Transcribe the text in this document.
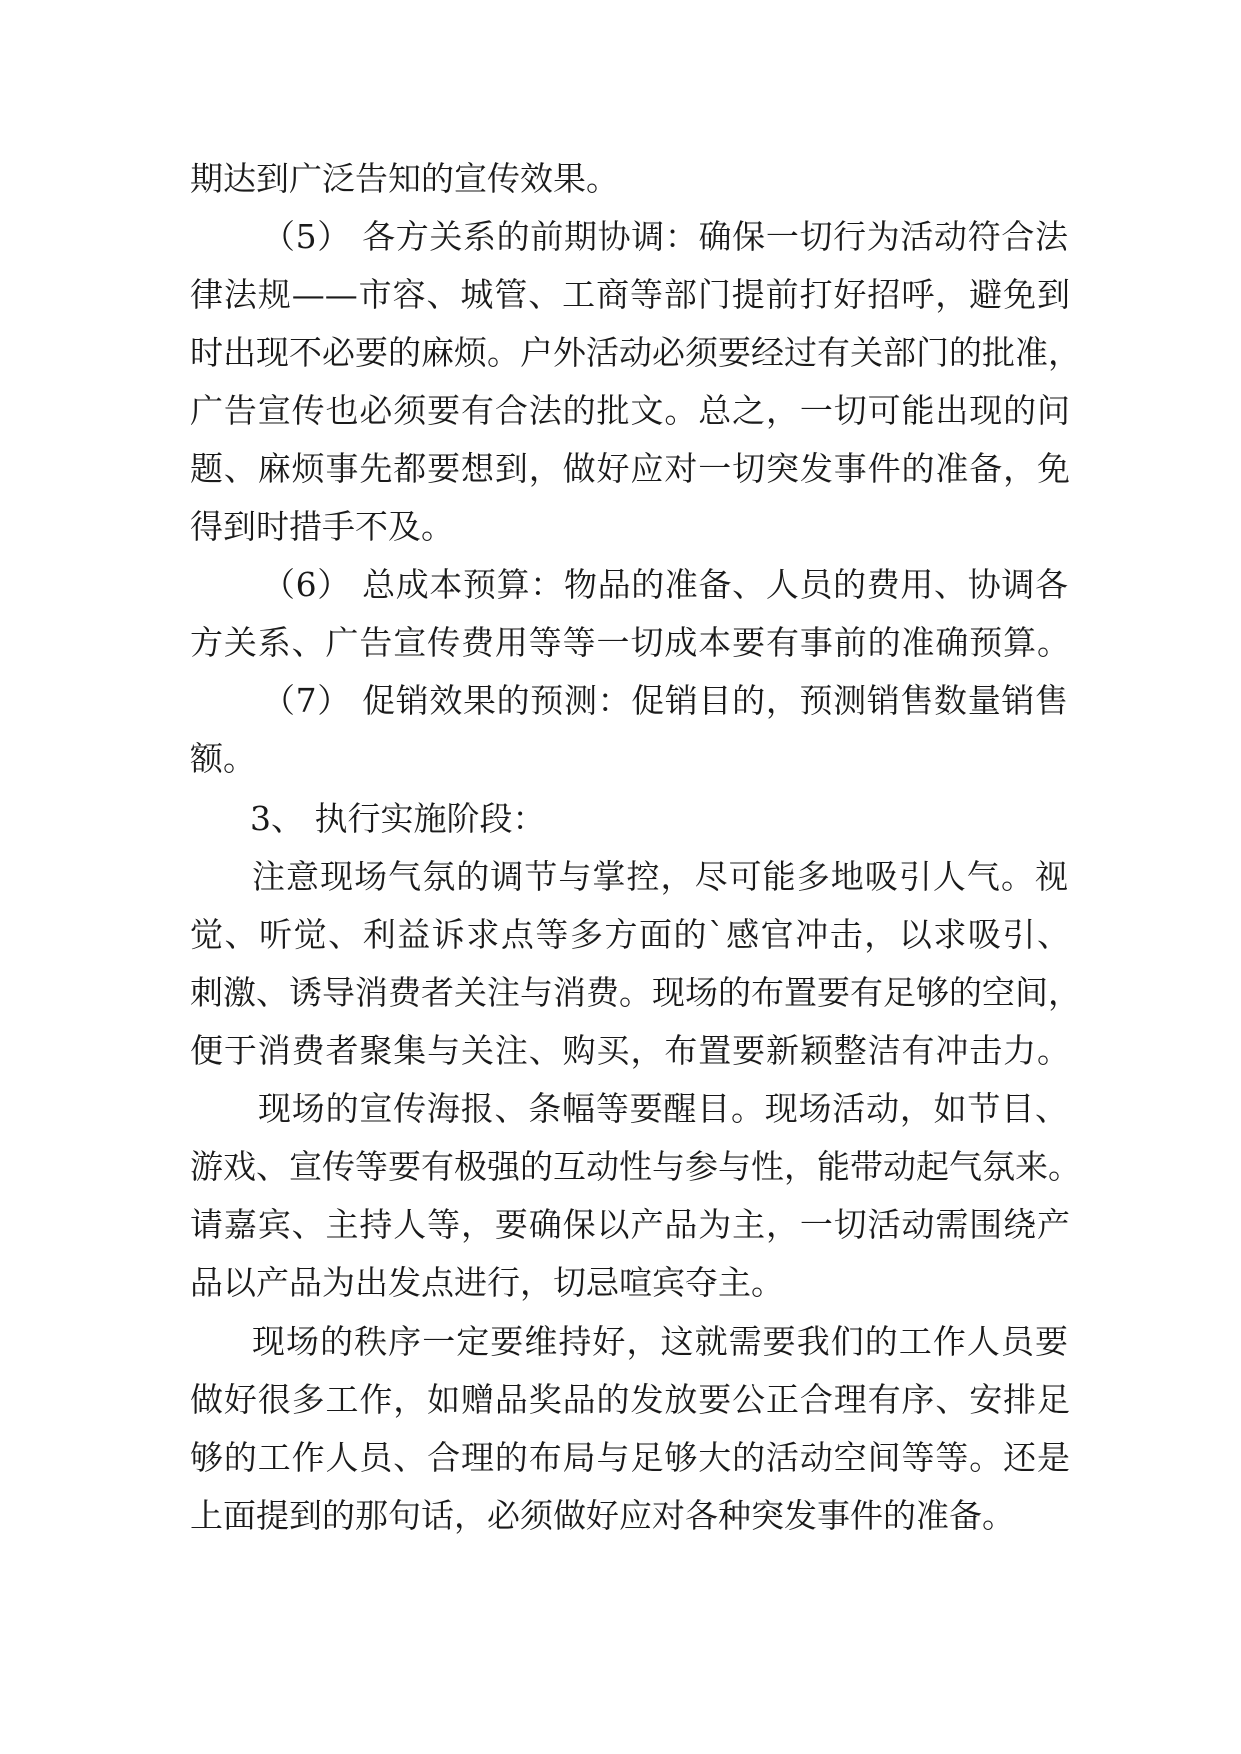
期达到广泛告知的宣传效果。
（5） 各方关系的前期协调：确保一切行为活动符合法
律法规——市容、城管、工商等部门提前打好招呼，避免到
时出现不必要的麻烦。户外活动必须要经过有关部门的批准，
广告宣传也必须要有合法的批文。总之，一切可能出现的问
题、麻烦事先都要想到，做好应对一切突发事件的准备，免
得到时措手不及。
（6） 总成本预算：物品的准备、人员的费用、协调各
方关系、广告宣传费用等等一切成本要有事前的准确预算。
（7） 促销效果的预测：促销目的，预测销售数量销售
额。
3、 执行实施阶段：
注意现场气氛的调节与掌控，尽可能多地吸引人气。视
觉、听觉、利益诉求点等多方面的`感官冲击，以求吸引、
刺激、诱导消费者关注与消费。现场的布置要有足够的空间，
便于消费者聚集与关注、购买，布置要新颖整洁有冲击力。
现场的宣传海报、条幅等要醒目。现场活动，如节目、
游戏、宣传等要有极强的互动性与参与性，能带动起气氛来。
请嘉宾、主持人等，要确保以产品为主，一切活动需围绕产
品以产品为出发点进行，切忌喧宾夺主。
现场的秩序一定要维持好，这就需要我们的工作人员要
做好很多工作，如赠品奖品的发放要公正合理有序、安排足
够的工作人员、合理的布局与足够大的活动空间等等。还是
上面提到的那句话，必须做好应对各种突发事件的准备。
